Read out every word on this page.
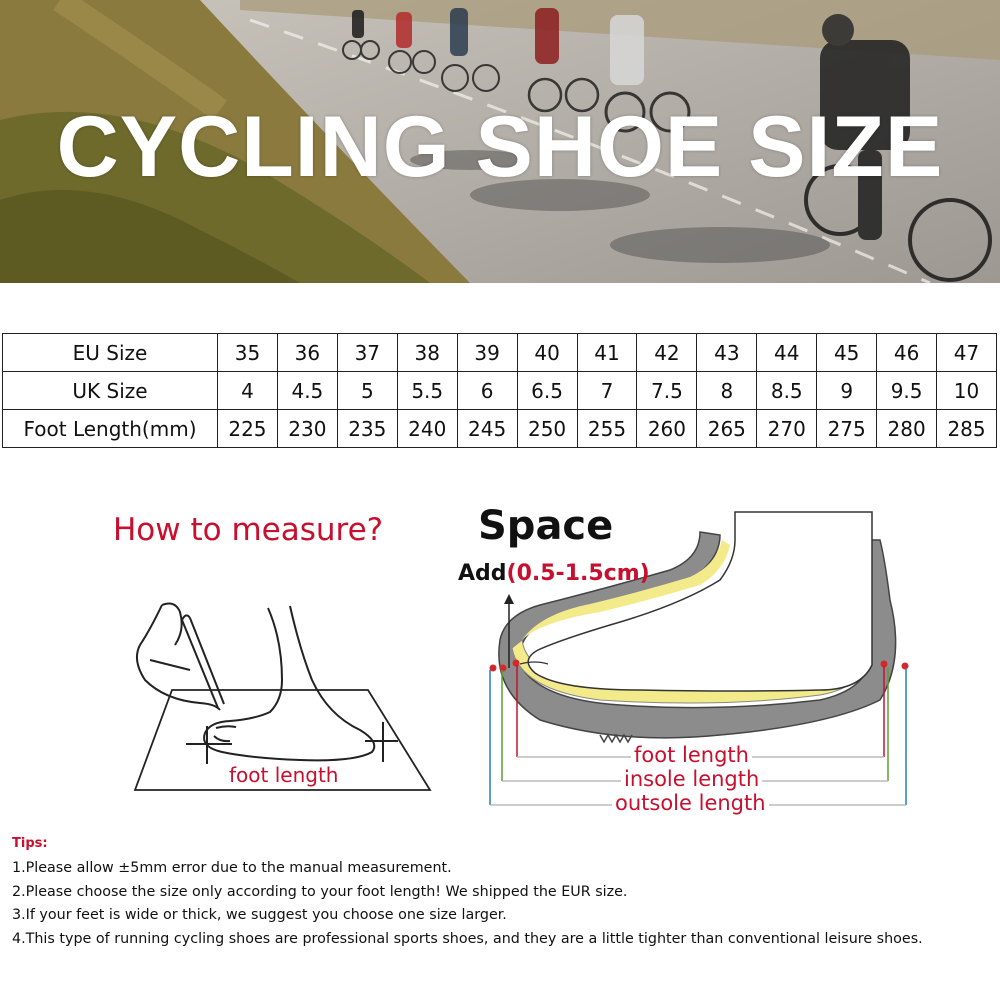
CYCLING SHOE SIZE
EU Size	35	36	37	38	39	40	41	42	43	44	45	46	47
UK Size	4	4.5	5	5.5	6	6.5	7	7.5	8	8.5	9	9.5	10
Foot Length(mm)	225	230	235	240	245	250	255	260	265	270	275	280	285
How to measure?
foot length
Space
Add(0.5-1.5cm)
foot length
insole length
outsole length
Tips:
1.Please allow ±5mm error due to the manual measurement.
2.Please choose the size only according to your foot length! We shipped the EUR size.
3.If your feet is wide or thick, we suggest you choose one size larger.
4.This type of running cycling shoes are professional sports shoes, and they are a little tighter than conventional leisure shoes.
